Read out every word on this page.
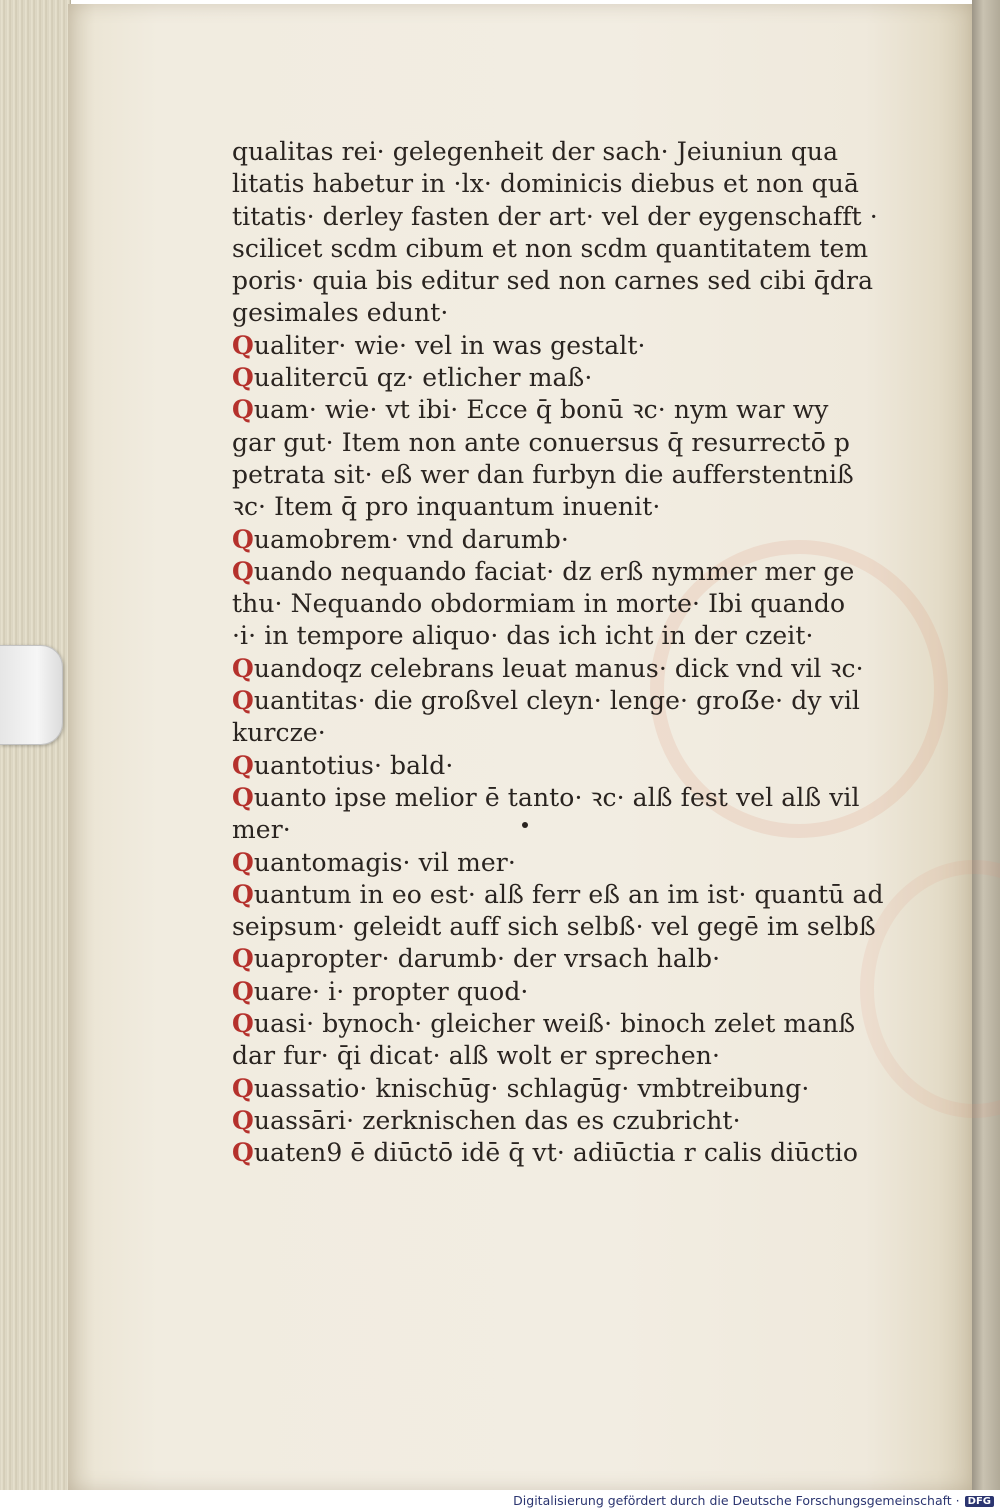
qualitas rei· gelegenheit der sach· Jeiuniun qua
litatis habetur in ·lx· dominicis diebus et non quā
titatis· derley fasten der art· vel der eygenschafft ·
scilicet scdm cibum et non scdm quantitatem tem
poris· quia bis editur sed non carnes sed cibi q̄dra
gesimales edunt·
Qualiter· wie· vel in was gestalt·
Qualitercū qz· etlicher maß·
Quam· wie· vt ibi· Ecce q̄ bonū ꝛc· nym war wy
gar gut· Item non ante conuersus q̄ resurrectō p
petrata sit· eß wer dan furbyn die aufferstentniß
ꝛc· Item q̄ pro inquantum inuenit·
Quamobrem· vnd darumb·
Quando nequando faciat· dz erß nymmer mer ge
thu· Nequando obdormiam in morte· Ibi quando
·i· in tempore aliquo· das ich icht in der czeit·
Quandoqz celebrans leuat manus· dick vnd vil ꝛc·
Quantitas· die großvel cleyn· lenge· groẞe· dy vil
kurcze·
Quantotius· bald·
Quanto ipse melior ē tanto· ꝛc· alß fest vel alß vil
mer·
Quantomagis· vil mer·
Quantum in eo est· alß ferr eß an im ist· quantū ad
seipsum· geleidt auff sich selbß· vel gegē im selbß
Quapropter· darumb· der vrsach halb·
Quare· i· propter quod·
Quasi· bynoch· gleicher weiß· binoch zelet manß
dar fur· q̄i dicat· alß wolt er sprechen·
Quassatio· knischūg· schlagūg· vmbtreibung·
Quassāri· zerknischen das es czubricht·
Quaten9 ē diūctō idē q̄ vt· adiūctia r calis diūctio
Digitalisierung gefördert durch die Deutsche Forschungsgemeinschaft · DFG
